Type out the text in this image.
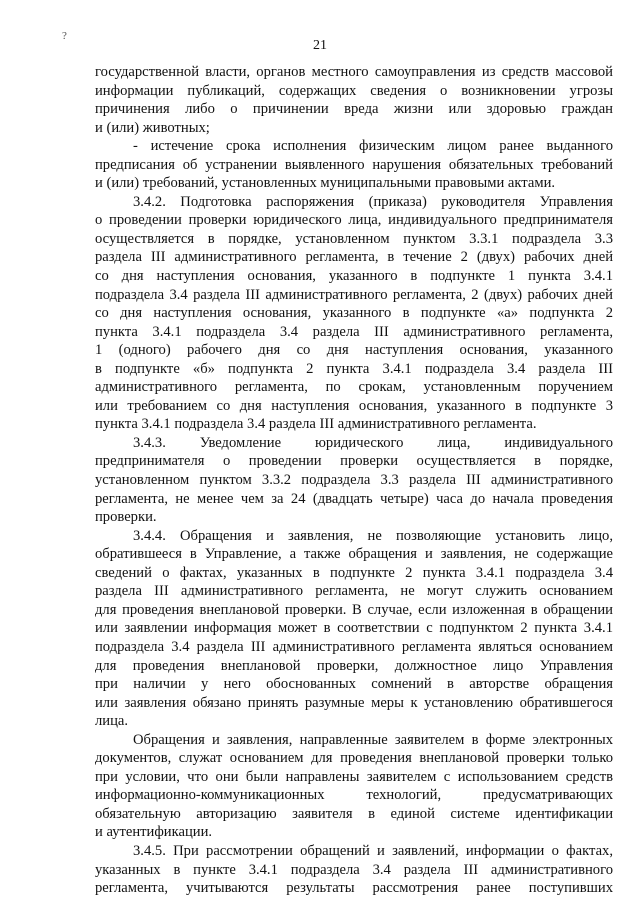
?
21
государственной власти, органов местного самоуправления из средств массовой
информации публикаций, содержащих сведения о возникновении угрозы
причинения либо о причинении вреда жизни или здоровью граждан
и (или) животных;
- истечение срока исполнения физическим лицом ранее выданного
предписания об устранении выявленного нарушения обязательных требований
и (или) требований, установленных муниципальными правовыми актами.
3.4.2. Подготовка распоряжения (приказа) руководителя Управления
о проведении проверки юридического лица, индивидуального предпринимателя
осуществляется в порядке, установленном пунктом 3.3.1 подраздела 3.3
раздела III административного регламента, в течение 2 (двух) рабочих дней
со дня наступления основания, указанного в подпункте 1 пункта 3.4.1
подраздела 3.4 раздела III административного регламента, 2 (двух) рабочих дней
со дня наступления основания, указанного в подпункте «а» подпункта 2
пункта 3.4.1 подраздела 3.4 раздела III административного регламента,
1 (одного) рабочего дня со дня наступления основания, указанного
в подпункте «б» подпункта 2 пункта 3.4.1 подраздела 3.4 раздела III
административного регламента, по срокам, установленным поручением
или требованием со дня наступления основания, указанного в подпункте 3
пункта 3.4.1 подраздела 3.4 раздела III административного регламента.
3.4.3. Уведомление юридического лица, индивидуального
предпринимателя о проведении проверки осуществляется в порядке,
установленном пунктом 3.3.2 подраздела 3.3 раздела III административного
регламента, не менее чем за 24 (двадцать четыре) часа до начала проведения
проверки.
3.4.4. Обращения и заявления, не позволяющие установить лицо,
обратившееся в Управление, а также обращения и заявления, не содержащие
сведений о фактах, указанных в подпункте 2 пункта 3.4.1 подраздела 3.4
раздела III административного регламента, не могут служить основанием
для проведения внеплановой проверки. В случае, если изложенная в обращении
или заявлении информация может в соответствии с подпунктом 2 пункта 3.4.1
подраздела 3.4 раздела III административного регламента являться основанием
для проведения внеплановой проверки, должностное лицо Управления
при наличии у него обоснованных сомнений в авторстве обращения
или заявления обязано принять разумные меры к установлению обратившегося
лица.
Обращения и заявления, направленные заявителем в форме электронных
документов, служат основанием для проведения внеплановой проверки только
при условии, что они были направлены заявителем с использованием средств
информационно-коммуникационных технологий, предусматривающих
обязательную авторизацию заявителя в единой системе идентификации
и аутентификации.
3.4.5. При рассмотрении обращений и заявлений, информации о фактах,
указанных в пункте 3.4.1 подраздела 3.4 раздела III административного
регламента, учитываются результаты рассмотрения ранее поступивших
